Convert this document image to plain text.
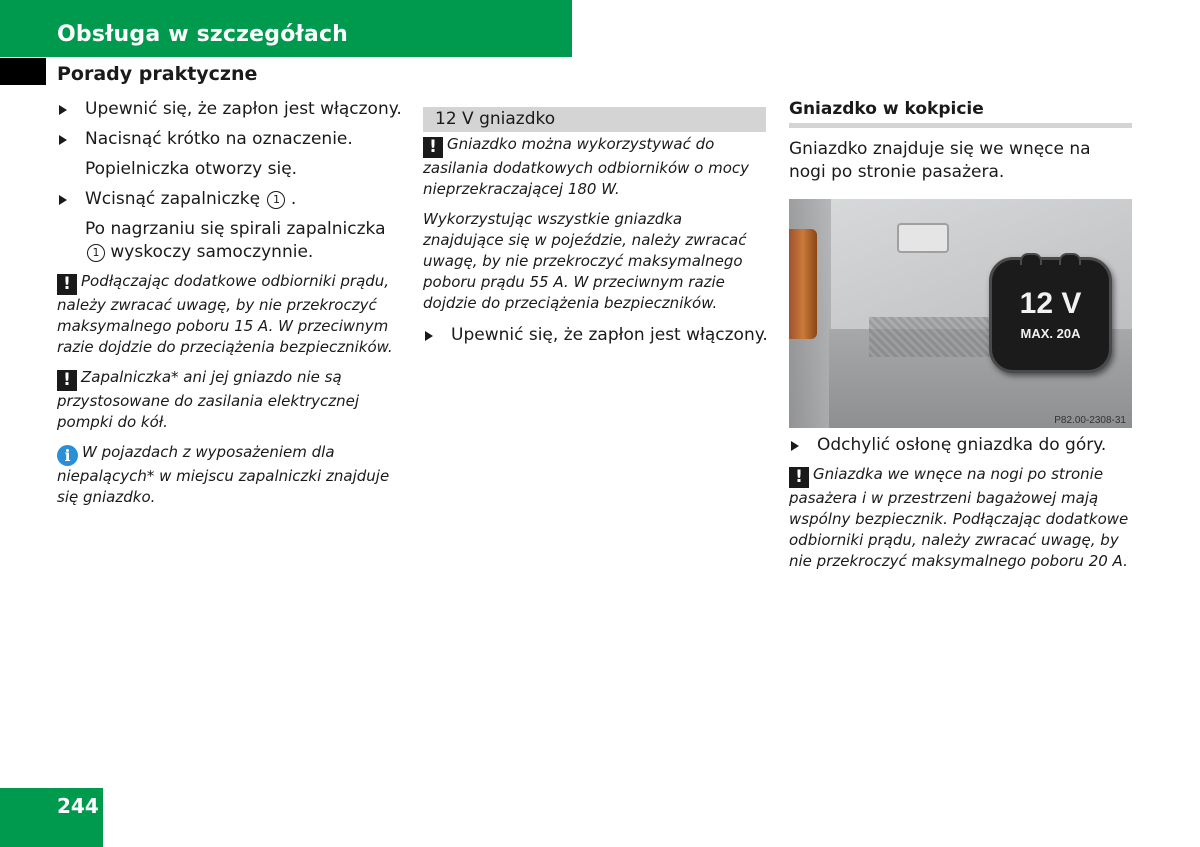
Obsługa w szczegółach
Porady praktyczne
Upewnić się, że zapłon jest włączony.
Nacisnąć krótko na oznaczenie.
Popielniczka otworzy się.
Wcisnąć zapalniczkę 1 .
Po nagrzaniu się spirali zapalniczka 1 wyskoczy samoczynnie.
! Podłączając dodatkowe odbiorniki prądu, należy zwracać uwagę, by nie przekroczyć maksymalnego poboru 15 A. W przeciwnym razie dojdzie do przeciążenia bezpieczników.
! Zapalniczka* ani jej gniazdo nie są przystosowane do zasilania elektrycznej pompki do kół.
i W pojazdach z wyposażeniem dla niepalących* w miejscu zapalniczki znajduje się gniazdko.
12 V gniazdko
! Gniazdko można wykorzystywać do zasilania dodatkowych odbiorników o mocy nieprzekraczającej 180 W.
Wykorzystując wszystkie gniazdka znajdujące się w pojeździe, należy zwracać uwagę, by nie przekroczyć maksymalnego poboru prądu 55 A. W przeciwnym razie dojdzie do przeciążenia bezpieczników.
Upewnić się, że zapłon jest włączony.
Gniazdko w kokpicie
Gniazdko znajduje się we wnęce na nogi po stronie pasażera.
12 V
MAX. 20A
P82.00-2308-31
Odchylić osłonę gniazdka do góry.
! Gniazdka we wnęce na nogi po stronie pasażera i w przestrzeni bagażowej mają wspólny bezpiecznik. Podłączając dodatkowe odbiorniki prądu, należy zwracać uwagę, by nie przekroczyć maksymalnego poboru 20 A.
244
